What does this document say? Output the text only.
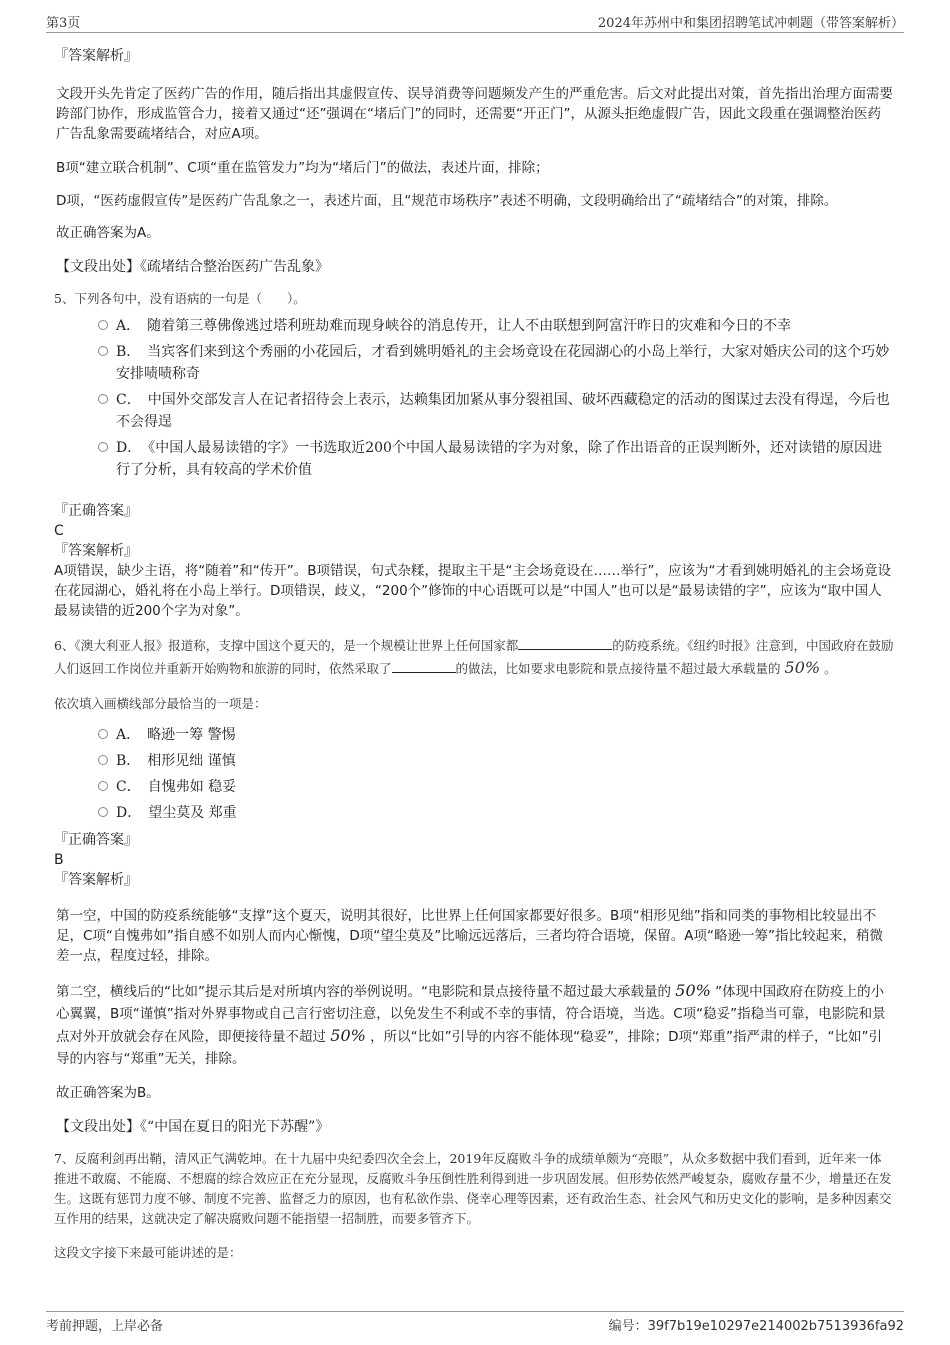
第3页	2024年苏州中和集团招聘笔试冲刺题（带答案解析）

『答案解析』

文段开头先肯定了医药广告的作用，随后指出其虚假宣传、误导消费等问题频发产生的严重危害。后文对此提出对策，首先指出治理方面需要跨部门协作，形成监管合力，接着又通过“还”强调在“堵后门”的同时，还需要“开正门”，从源头拒绝虚假广告，因此文段重在强调整治医药广告乱象需要疏堵结合，对应A项。

B项“建立联合机制”、C项“重在监管发力”均为“堵后门”的做法，表述片面，排除；

D项，“医药虚假宣传”是医药广告乱象之一，表述片面，且“规范市场秩序”表述不明确，文段明确给出了“疏堵结合”的对策，排除。

故正确答案为A。

【文段出处】《疏堵结合整治医药广告乱象》

5、下列各句中，没有语病的一句是（　　）。

A．　 随着第三尊佛像逃过塔利班劫难而现身峡谷的消息传开，让人不由联想到阿富汗昨日的灾难和今日的不幸
B．　 当宾客们来到这个秀丽的小花园后，才看到姚明婚礼的主会场竟设在花园湖心的小岛上举行，大家对婚庆公司的这个巧妙安排啧啧称奇
C．　 中国外交部发言人在记者招待会上表示，达赖集团加紧从事分裂祖国、破坏西藏稳定的活动的图谋过去没有得逞，今后也不会得逞
D．　 《中国人最易读错的字》一书选取近200个中国人最易读错的字为对象，除了作出语音的正误判断外，还对读错的原因进行了分析，具有较高的学术价值

『正确答案』

C

『答案解析』

A项错误，缺少主语，将“随着”和“传开”。B项错误，句式杂糅，提取主干是“主会场竟设在……举行”，应该为“才看到姚明婚礼的主会场竟设在花园湖心，婚礼将在小岛上举行。D项错误，歧义，“200个”修饰的中心语既可以是“中国人”也可以是“最易读错的字”，应该为“取中国人最易读错的近200个字为对象”。

6、《澳大利亚人报》报道称，支撑中国这个夏天的，是一个规模让世界上任何国家都	的防疫系统。《纽约时报》注意到，中国政府在鼓励人们返回工作岗位并重新开始购物和旅游的同时，依然采取了	的做法，比如要求电影院和景点接待量不超过最大承载量的 50% 。

依次填入画横线部分最恰当的一项是：

A．　 略逊一筹 警惕
B．　 相形见绌 谨慎
C．　 自愧弗如 稳妥
D．　 望尘莫及 郑重

『正确答案』

B

『答案解析』

第一空，中国的防疫系统能够“支撑”这个夏天，说明其很好，比世界上任何国家都要好很多。B项“相形见绌”指和同类的事物相比较显出不足，C项“自愧弗如”指自感不如别人而内心惭愧，D项“望尘莫及”比喻远远落后，三者均符合语境，保留。A项“略逊一筹”指比较起来，稍微差一点，程度过轻，排除。

第二空，横线后的“比如”提示其后是对所填内容的举例说明。“电影院和景点接待量不超过最大承载量的 50% ”体现中国政府在防疫上的小心翼翼，B项“谨慎”指对外界事物或自己言行密切注意，以免发生不利或不幸的事情，符合语境，当选。C项“稳妥”指稳当可靠，电影院和景点对外开放就会存在风险，即便接待量不超过 50% ，所以“比如”引导的内容不能体现“稳妥”，排除；D项“郑重”指严肃的样子，“比如”引导的内容与“郑重”无关，排除。

故正确答案为B。

【文段出处】《“中国在夏日的阳光下苏醒”》

7、反腐利剑再出鞘，清风正气满乾坤。在十九届中央纪委四次全会上，2019年反腐败斗争的成绩单颇为“亮眼”，从众多数据中我们看到，近年来一体推进不敢腐、不能腐、不想腐的综合效应正在充分显现，反腐败斗争压倒性胜利得到进一步巩固发展。但形势依然严峻复杂，腐败存量不少，增量还在发生。这既有惩罚力度不够、制度不完善、监督乏力的原因，也有私欲作祟、侥幸心理等因素，还有政治生态、社会风气和历史文化的影响，是多种因素交互作用的结果，这就决定了解决腐败问题不能指望一招制胜，而要多管齐下。

这段文字接下来最可能讲述的是：

考前押题，上岸必备	编号：39f7b19e10297e214002b7513936fa92
